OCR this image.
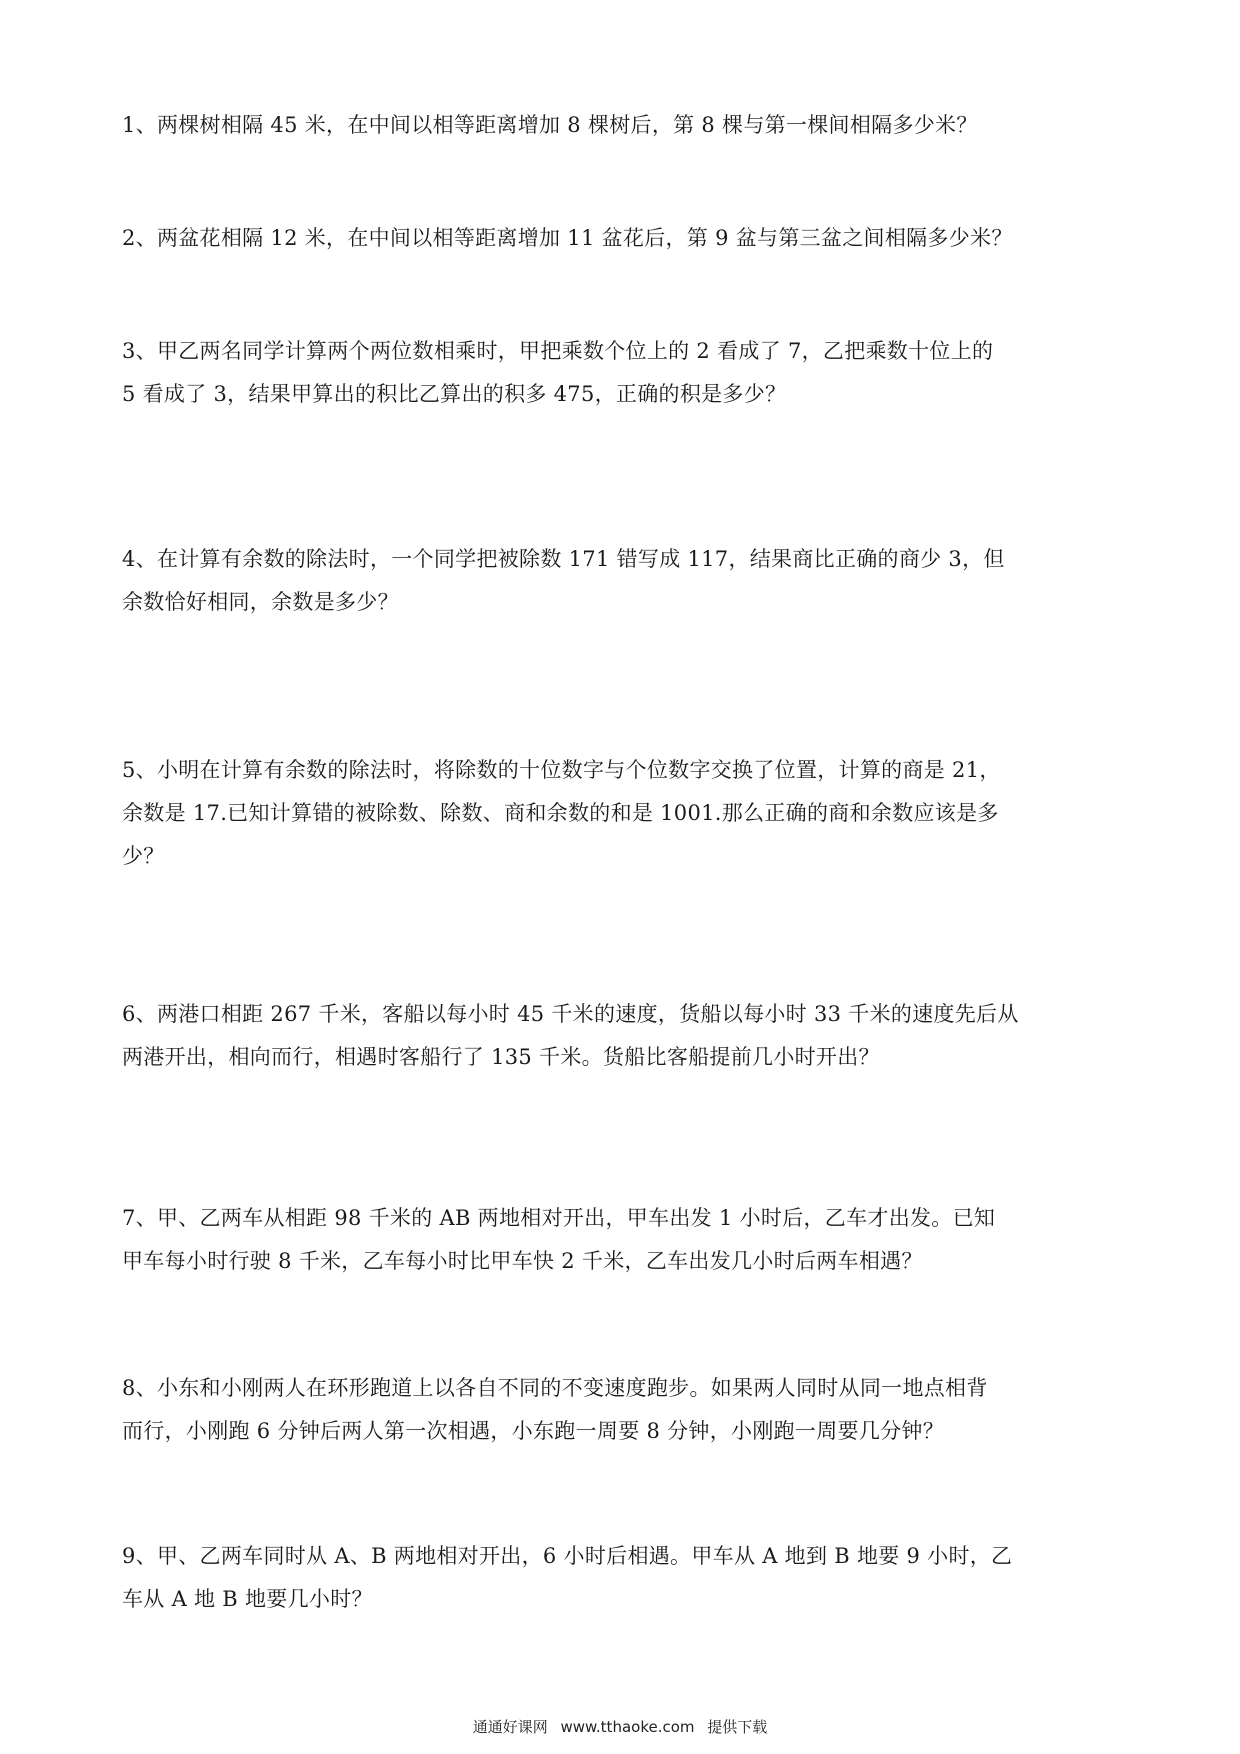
1、两棵树相隔 45 米，在中间以相等距离增加 8 棵树后，第 8 棵与第一棵间相隔多少米？
2、两盆花相隔 12 米，在中间以相等距离增加 11 盆花后，第 9 盆与第三盆之间相隔多少米？
3、甲乙两名同学计算两个两位数相乘时，甲把乘数个位上的 2 看成了 7，乙把乘数十位上的
5 看成了 3，结果甲算出的积比乙算出的积多 475，正确的积是多少？
4、在计算有余数的除法时，一个同学把被除数 171 错写成 117，结果商比正确的商少 3，但
余数恰好相同，余数是多少？
5、小明在计算有余数的除法时，将除数的十位数字与个位数字交换了位置，计算的商是 21，
余数是 17.已知计算错的被除数、除数、商和余数的和是 1001.那么正确的商和余数应该是多
少？
6、两港口相距 267 千米，客船以每小时 45 千米的速度，货船以每小时 33 千米的速度先后从
两港开出，相向而行，相遇时客船行了 135 千米。货船比客船提前几小时开出？
7、甲、乙两车从相距 98 千米的 AB 两地相对开出，甲车出发 1 小时后，乙车才出发。已知
甲车每小时行驶 8 千米，乙车每小时比甲车快 2 千米，乙车出发几小时后两车相遇？
8、小东和小刚两人在环形跑道上以各自不同的不变速度跑步。如果两人同时从同一地点相背
而行，小刚跑 6 分钟后两人第一次相遇，小东跑一周要 8 分钟，小刚跑一周要几分钟？
9、甲、乙两车同时从 A、B 两地相对开出，6 小时后相遇。甲车从 A 地到 B 地要 9 小时，乙
车从 A 地 B 地要几小时？
通通好课网 www.tthaoke.com 提供下载
